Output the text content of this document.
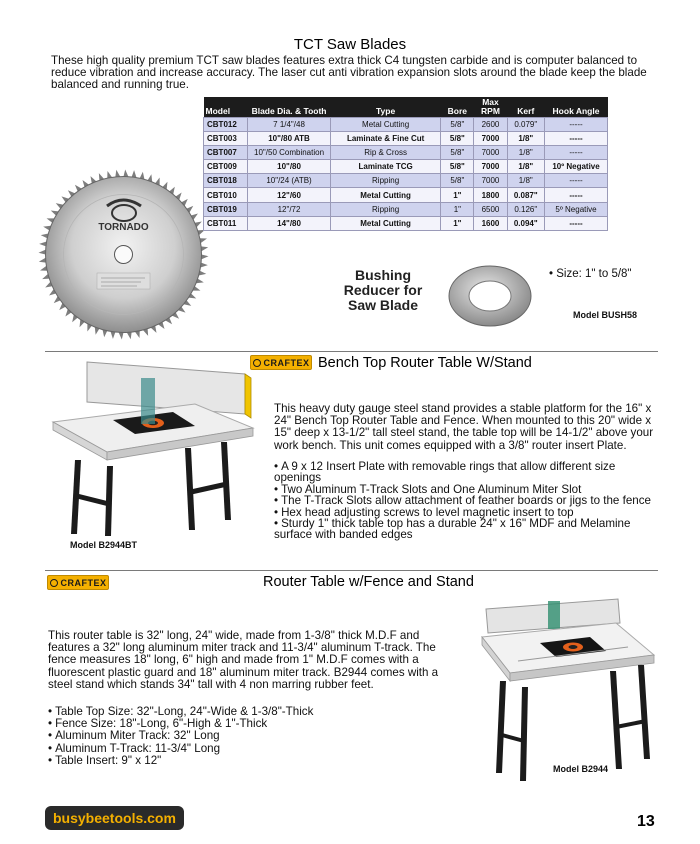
TCT Saw Blades
These high quality premium TCT saw blades features extra thick C4 tungsten carbide and is computer balanced to reduce vibration and increase accuracy. The laser cut anti vibration expansion slots around the blade keep the blade balanced and running true.
TORNADO
Model	Blade Dia. & Tooth	Type	Bore	Max RPM	Kerf	Hook Angle
CBT012	7 1/4"/48	Metal Cutting	5/8"	2600	0.079"	-----
CBT003	10"/80 ATB	Laminate & Fine Cut	5/8"	7000	1/8"	-----
CBT007	10"/50 Combination	Rip & Cross	5/8"	7000	1/8"	-----
CBT009	10"/80	Laminate TCG	5/8"	7000	1/8"	10º Negative
CBT018	10"/24 (ATB)	Ripping	5/8"	7000	1/8"	-----
CBT010	12"/60	Metal Cutting	1"	1800	0.087"	-----
CBT019	12"/72	Ripping	1"	6500	0.126"	5º Negative
CBT011	14"/80	Metal Cutting	1"	1600	0.094"	-----
Bushing
Reducer for
Saw Blade
• Size: 1" to 5/8"
Model BUSH58
CRAFTEX Bench Top Router Table W/Stand
Model B2944BT
This heavy duty gauge steel stand provides a stable platform for the 16" x 24" Bench Top Router Table and Fence. When mounted to this 20" wide x 15" deep x 13-1/2" tall steel stand, the table top will be 14-1/2" above your work bench. This unit comes equipped with a 3/8" router insert Plate.
• A 9 x 12 Insert Plate with removable rings that allow different size openings
• Two Aluminum T-Track Slots and One Aluminum Miter Slot
• The T-Track Slots allow attachment of feather boards or jigs to the fence
• Hex head adjusting screws to level magnetic insert to top
• Sturdy 1" thick table top has a durable 24" x 16" MDF and Melamine surface with banded edges
CRAFTEX	Router Table w/Fence and Stand
This router table is 32" long, 24" wide, made from 1-3/8" thick M.D.F and features a 32" long aluminum miter track and 11-3/4" aluminum T-track. The fence measures 18" long, 6" high and made from 1" M.D.F comes with a fluorescent plastic guard and 18" aluminum miter track. B2944 comes with a steel stand which stands 34" tall with 4 non marring rubber feet.
• Table Top Size: 32"-Long, 24"-Wide & 1-3/8"-Thick
• Fence Size: 18"-Long, 6"-High & 1"-Thick
• Aluminum Miter Track: 32" Long
• Aluminum T-Track: 11-3/4" Long
• Table Insert: 9" x 12"
Model B2944
busybeetools.com	13
